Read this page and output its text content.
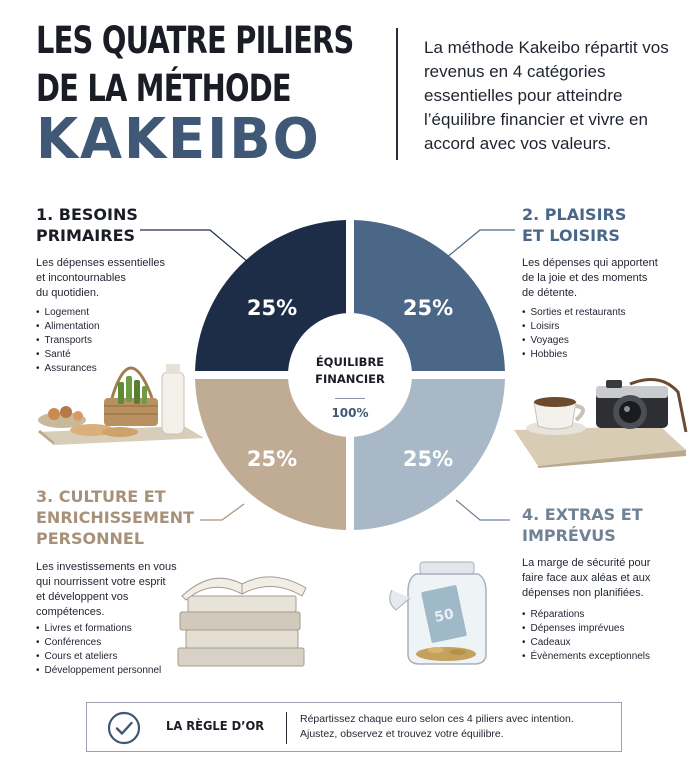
LES QUATRE PILIERS
DE LA MÉTHODE
KAKEIBO
La méthode Kakeibo répartit vos revenus en 4 catégories essentielles pour atteindre l’équilibre financier et vivre en accord avec vos valeurs.
25%	25%
25%	25%
ÉQUILIBRE
FINANCIER
100%
1. BESOINS
PRIMAIRES
Les dépenses essentielles
et incontournables
du quotidien.
• Logement
• Alimentation
• Transports
• Santé
• Assurances
2. PLAISIRS
ET LOISIRS
Les dépenses qui apportent
de la joie et des moments
de détente.
• Sorties et restaurants
• Loisirs
• Voyages
• Hobbies
3. CULTURE ET
ENRICHISSEMENT
PERSONNEL
Les investissements en vous
qui nourrissent votre esprit
et développent vos
compétences.
• Livres et formations
• Conférences
• Cours et ateliers
• Développement personnel
4. EXTRAS ET
IMPRÉVUS
La marge de sécurité pour
faire face aux aléas et aux
dépenses non planifiées.
• Réparations
• Dépenses imprévues
• Cadeaux
• Évènements exceptionnels
50
LA RÈGLE D’OR	Répartissez chaque euro selon ces 4 piliers avec intention.
Ajustez, observez et trouvez votre équilibre.
